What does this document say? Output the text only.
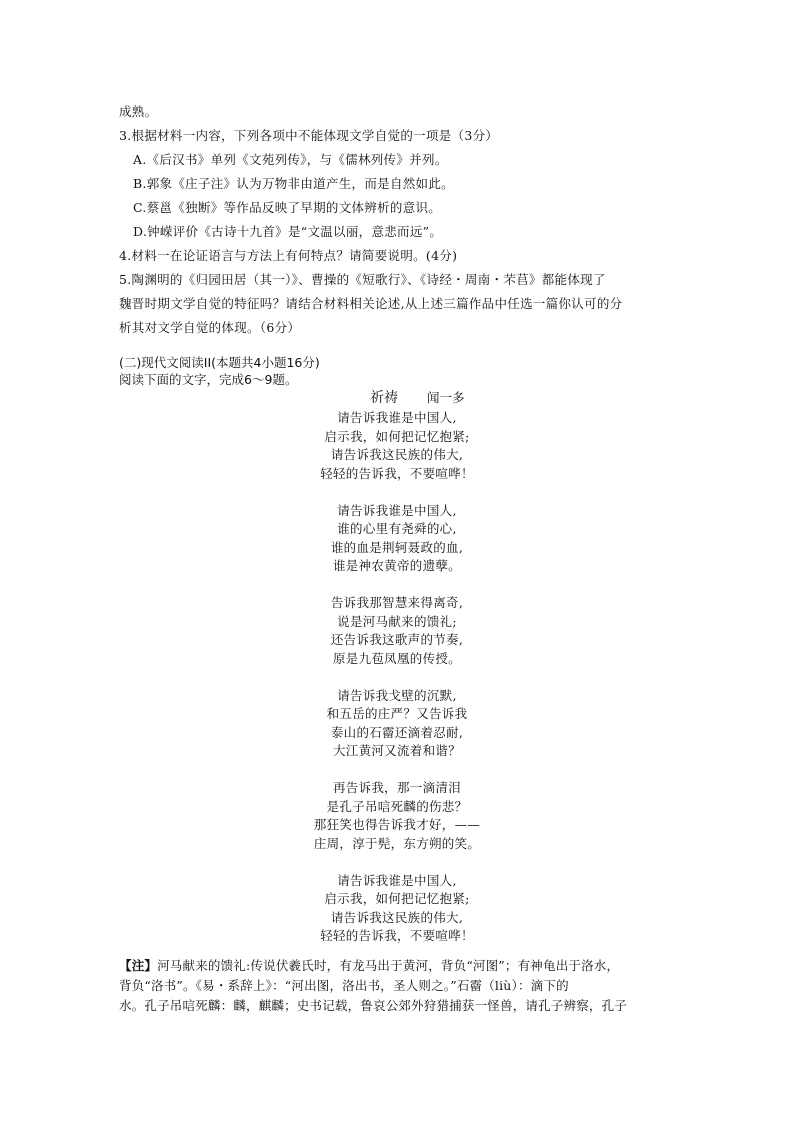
成熟。
3.根据材料一内容，下列各项中不能体现文学自觉的一项是（3分）
A.《后汉书》单列《文苑列传》，与《儒林列传》并列。
B.郭象《庄子注》认为万物非由道产生，而是自然如此。
C.蔡邕《独断》等作品反映了早期的文体辨析的意识。
D.钟嵘评价《古诗十九首》是“文温以丽，意悲而远”。
4.材料一在论证语言与方法上有何特点？请简要说明。(4分)
5.陶渊明的《归园田居（其一）》、曹操的《短歌行》、《诗经・周南・芣苢》都能体现了
魏晋时期文学自觉的特征吗？请结合材料相关论述,从上述三篇作品中任选一篇你认可的分
析其对文学自觉的体现。（6分）
(二)现代文阅读II(本题共4小题16分)
阅读下面的文字，完成6～9题。
祈祷 闻一多
请告诉我谁是中国人,
启示我，如何把记忆抱紧;
请告诉我这民族的伟大,
轻轻的告诉我，不要喧哗！
请告诉我谁是中国人,
谁的心里有尧舜的心,
谁的血是荆轲聂政的血,
谁是神农黄帝的遗孽。
告诉我那智慧来得离奇,
说是河马献来的馈礼;
还告诉我这歌声的节奏,
原是九苞凤凰的传授。
请告诉我戈壁的沉默,
和五岳的庄严？又告诉我
泰山的石霤还滴着忍耐,
大江黄河又流着和谐？
再告诉我，那一滴清泪
是孔子吊唁死麟的伤悲？
那狂笑也得告诉我才好，——
庄周，淳于髡，东方朔的笑。
请告诉我谁是中国人,
启示我，如何把记忆抱紧;
请告诉我这民族的伟大,
轻轻的告诉我，不要喧哗！
【注】河马献来的馈礼:传说伏羲氏时，有龙马出于黄河，背负“河图”；有神龟出于洛水，
背负“洛书”。《易・系辞上》：“河出图，洛出书，圣人则之。”石霤（liù）：滴下的
水。孔子吊唁死麟：麟，麒麟；史书记载，鲁哀公郊外狩猎捕获一怪兽，请孔子辨察，孔子
